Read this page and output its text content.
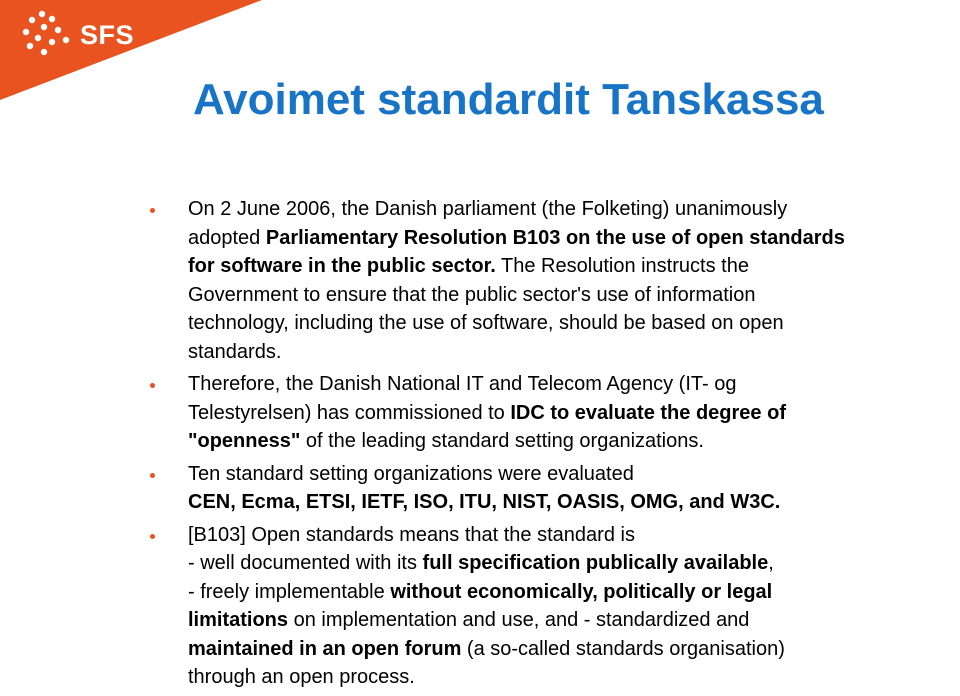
SFS
Avoimet standardit Tanskassa
On 2 June 2006, the Danish parliament (the Folketing) unanimously
adopted Parliamentary Resolution B103 on the use of open standards
for software in the public sector. The Resolution instructs the
Government to ensure that the public sector's use of information
technology, including the use of software, should be based on open
standards.
Therefore, the Danish National IT and Telecom Agency (IT- og
Telestyrelsen) has commissioned to IDC to evaluate the degree of
"openness" of the leading standard setting organizations.
Ten standard setting organizations were evaluated
CEN, Ecma, ETSI, IETF, ISO, ITU, NIST, OASIS, OMG, and W3C.
[B103] Open standards means that the standard is
- well documented with its full specification publically available,
- freely implementable without economically, politically or legal
limitations on implementation and use, and - standardized and
maintained in an open forum (a so-called standards organisation)
through an open process.
